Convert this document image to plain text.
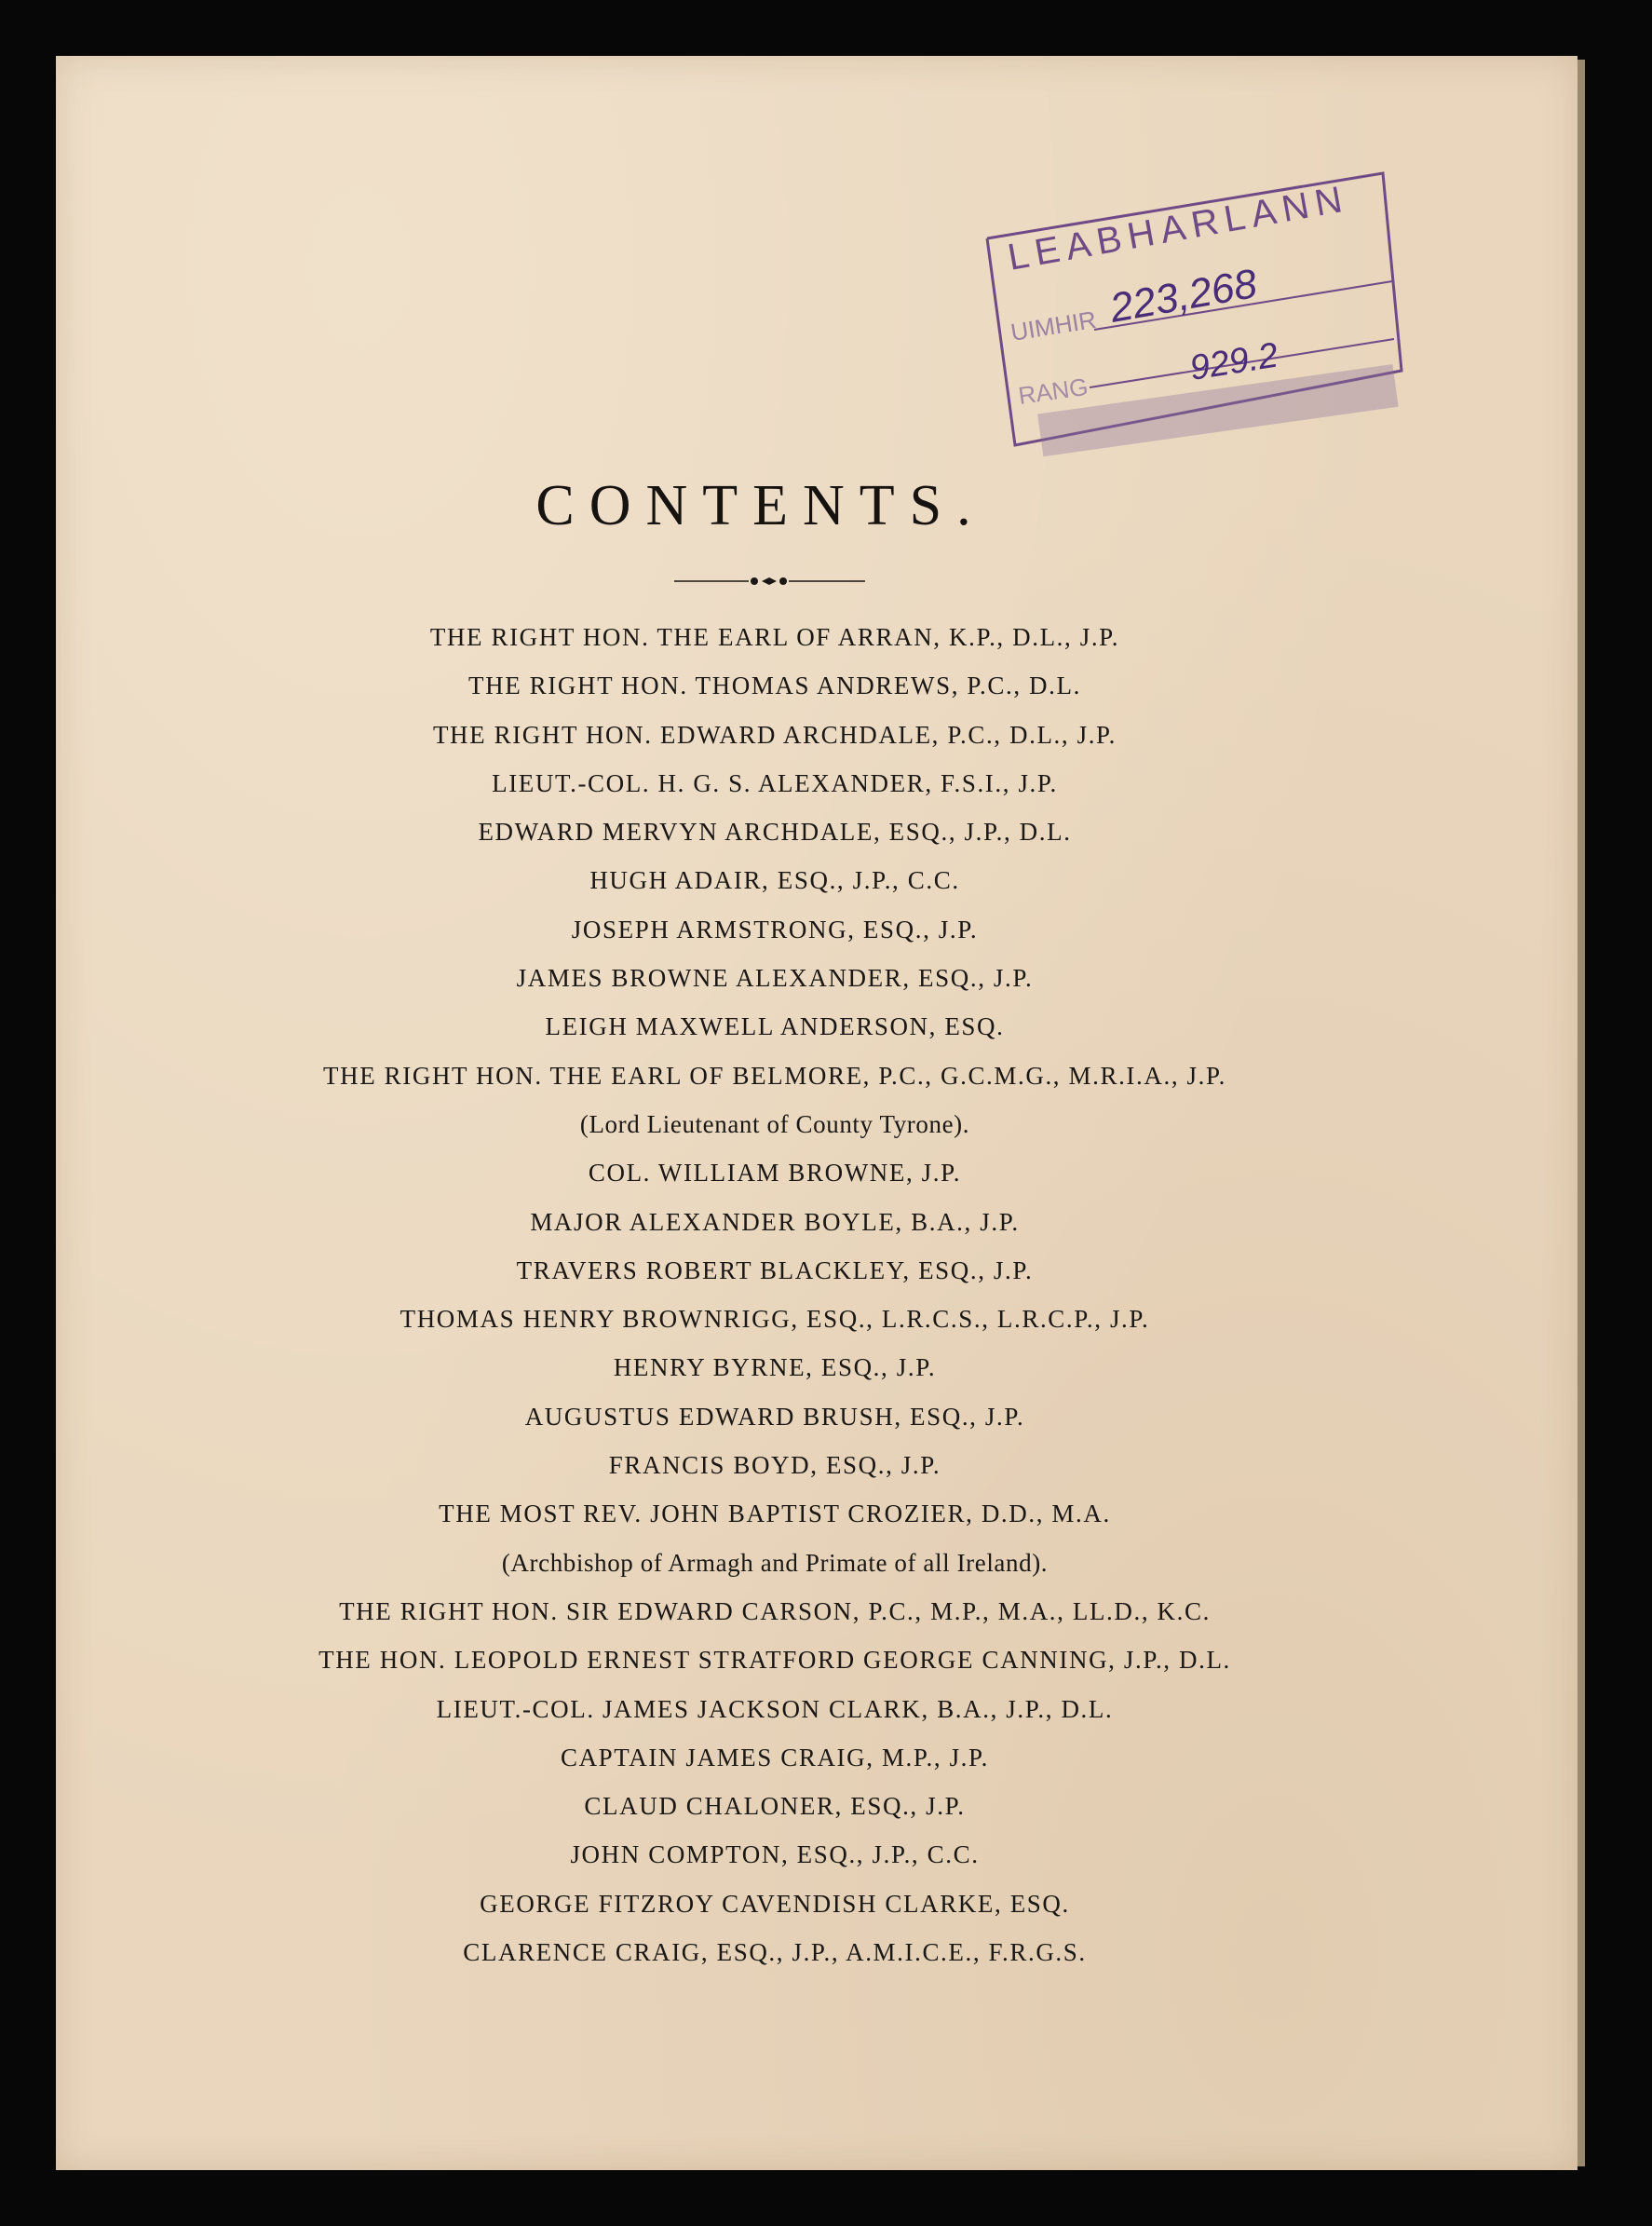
LEABHARLANN
UIMHIR 223,268
RANG
929.2
CONTENTS.
THE RIGHT HON. THE EARL OF ARRAN, K.P., D.L., J.P.
THE RIGHT HON. THOMAS ANDREWS, P.C., D.L.
THE RIGHT HON. EDWARD ARCHDALE, P.C., D.L., J.P.
LIEUT.-COL. H. G. S. ALEXANDER, F.S.I., J.P.
EDWARD MERVYN ARCHDALE, ESQ., J.P., D.L.
HUGH ADAIR, ESQ., J.P., C.C.
JOSEPH ARMSTRONG, ESQ., J.P.
JAMES BROWNE ALEXANDER, ESQ., J.P.
LEIGH MAXWELL ANDERSON, ESQ.
THE RIGHT HON. THE EARL OF BELMORE, P.C., G.C.M.G., M.R.I.A., J.P.
(Lord Lieutenant of County Tyrone).
COL. WILLIAM BROWNE, J.P.
MAJOR ALEXANDER BOYLE, B.A., J.P.
TRAVERS ROBERT BLACKLEY, ESQ., J.P.
THOMAS HENRY BROWNRIGG, ESQ., L.R.C.S., L.R.C.P., J.P.
HENRY BYRNE, ESQ., J.P.
AUGUSTUS EDWARD BRUSH, ESQ., J.P.
FRANCIS BOYD, ESQ., J.P.
THE MOST REV. JOHN BAPTIST CROZIER, D.D., M.A.
(Archbishop of Armagh and Primate of all Ireland).
THE RIGHT HON. SIR EDWARD CARSON, P.C., M.P., M.A., LL.D., K.C.
THE HON. LEOPOLD ERNEST STRATFORD GEORGE CANNING, J.P., D.L.
LIEUT.-COL. JAMES JACKSON CLARK, B.A., J.P., D.L.
CAPTAIN JAMES CRAIG, M.P., J.P.
CLAUD CHALONER, ESQ., J.P.
JOHN COMPTON, ESQ., J.P., C.C.
GEORGE FITZROY CAVENDISH CLARKE, ESQ.
CLARENCE CRAIG, ESQ., J.P., A.M.I.C.E., F.R.G.S.
